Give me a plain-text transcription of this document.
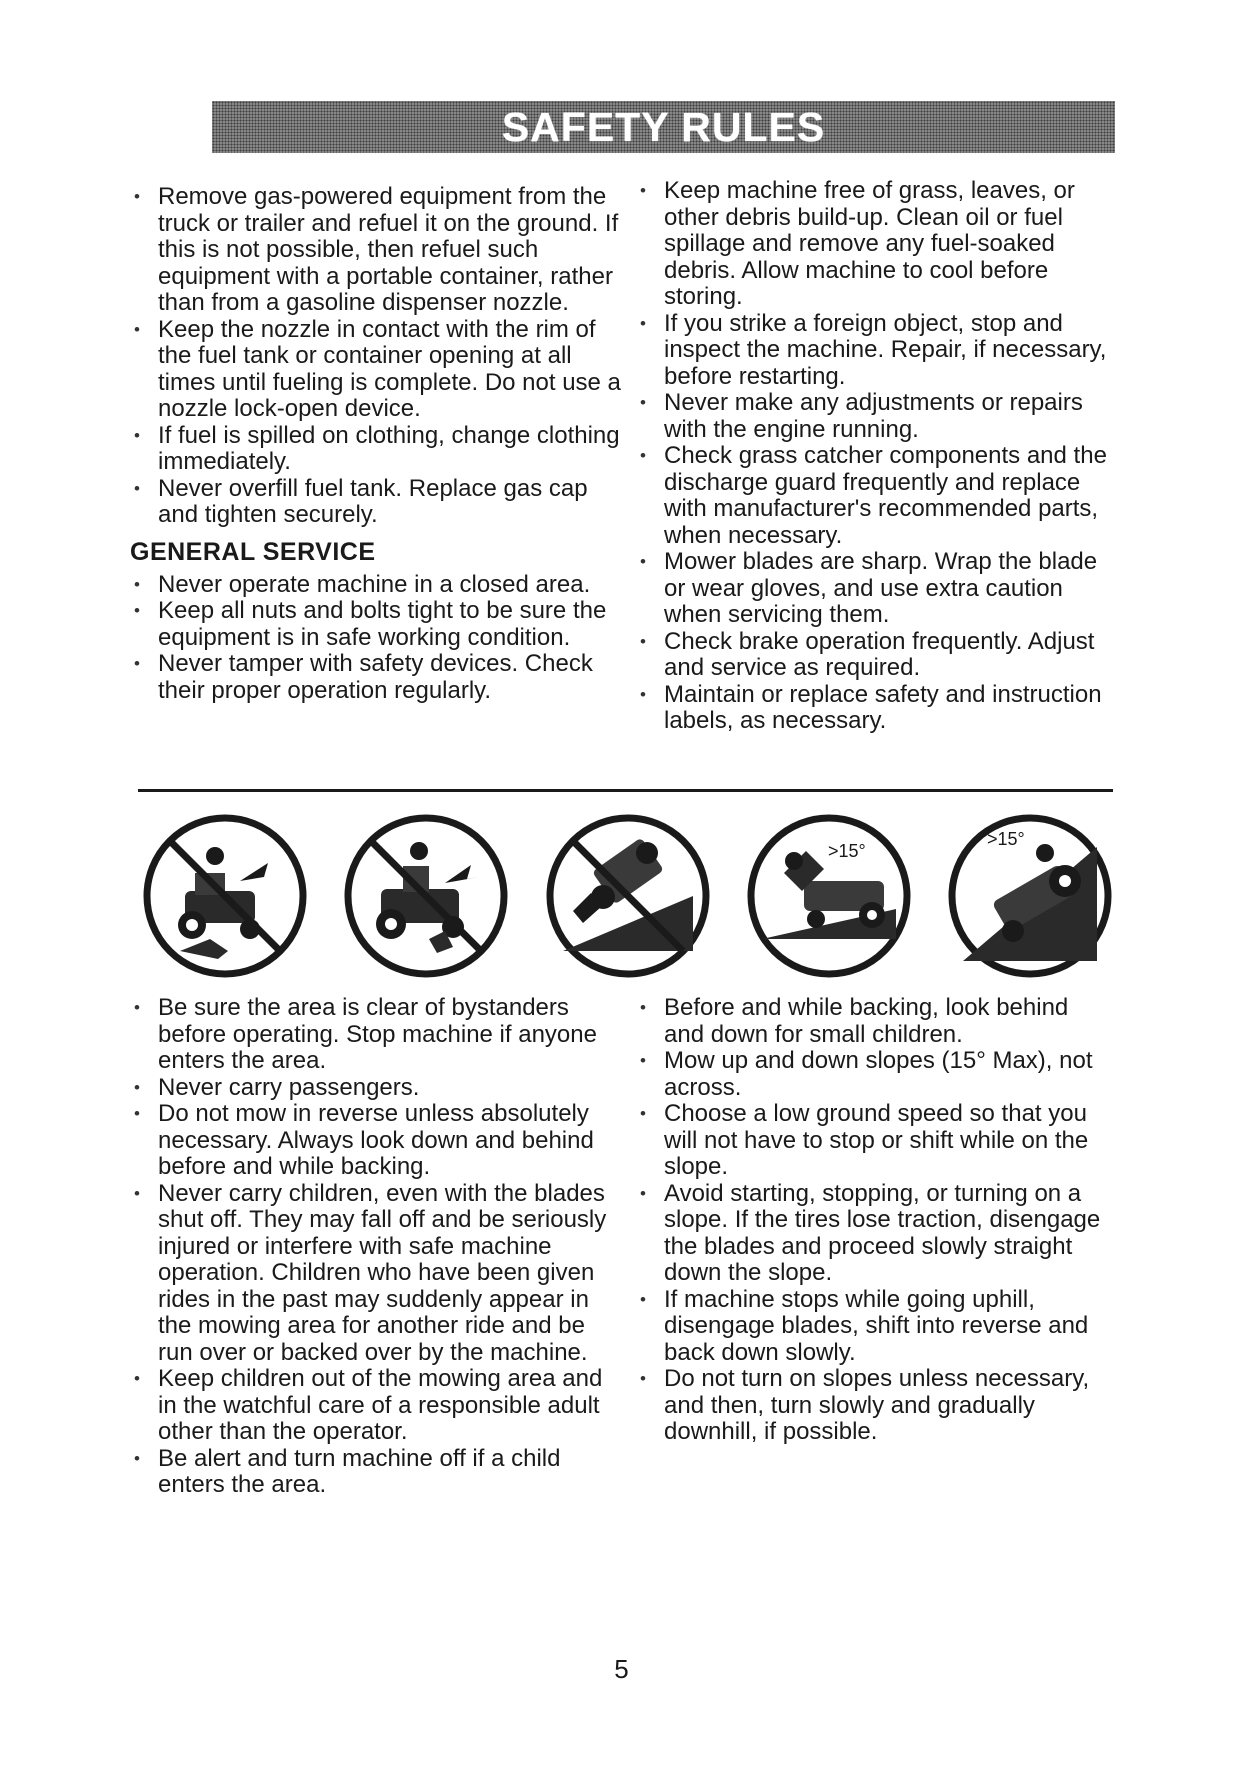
SAFETY RULES
• Remove gas-powered equipment from the truck or trailer and refuel it on the ground. If this is not possible, then refuel such equipment with a portable container, rather than from a gasoline dispenser nozzle.
• Keep the nozzle in contact with the rim of the fuel tank or container opening at all times until fueling is complete. Do not use a nozzle lock-open device.
• If fuel is spilled on clothing, change clothing immediately.
• Never overfill fuel tank. Replace gas cap and tighten securely.
GENERAL SERVICE
• Never operate machine in a closed area.
• Keep all nuts and bolts tight to be sure the equipment is in safe working condition.
• Never tamper with safety devices. Check their proper operation regularly.
• Keep machine free of grass, leaves, or other debris build-up. Clean oil or fuel spillage and remove any fuel-soaked debris. Allow machine to cool before storing.
• If you strike a foreign object, stop and inspect the machine. Repair, if necessary, before restarting.
• Never make any adjustments or repairs with the engine running.
• Check grass catcher components and the discharge guard frequently and replace with manufacturer's recommended parts, when necessary.
• Mower blades are sharp. Wrap the blade or wear gloves, and use extra caution when servicing them.
• Check brake operation frequently. Adjust and service as required.
• Maintain or replace safety and instruction labels, as necessary.
>15°
>15°
• Be sure the area is clear of bystanders before operating. Stop machine if anyone enters the area.
• Never carry passengers.
• Do not mow in reverse unless absolutely necessary. Always look down and behind before and while backing.
• Never carry children, even with the blades shut off. They may fall off and be seriously injured or interfere with safe machine operation. Children who have been given rides in the past may suddenly appear in the mowing area for another ride and be run over or backed over by the machine.
• Keep children out of the mowing area and in the watchful care of a responsible adult other than the operator.
• Be alert and turn machine off if a child enters the area.
• Before and while backing, look behind and down for small children.
• Mow up and down slopes (15° Max), not across.
• Choose a low ground speed so that you will not have to stop or shift while on the slope.
• Avoid starting, stopping, or turning on a slope. If the tires lose traction, disengage the blades and proceed slowly straight down the slope.
• If machine stops while going uphill, disengage blades, shift into reverse and back down slowly.
• Do not turn on slopes unless necessary, and then, turn slowly and gradually downhill, if possible.
5
